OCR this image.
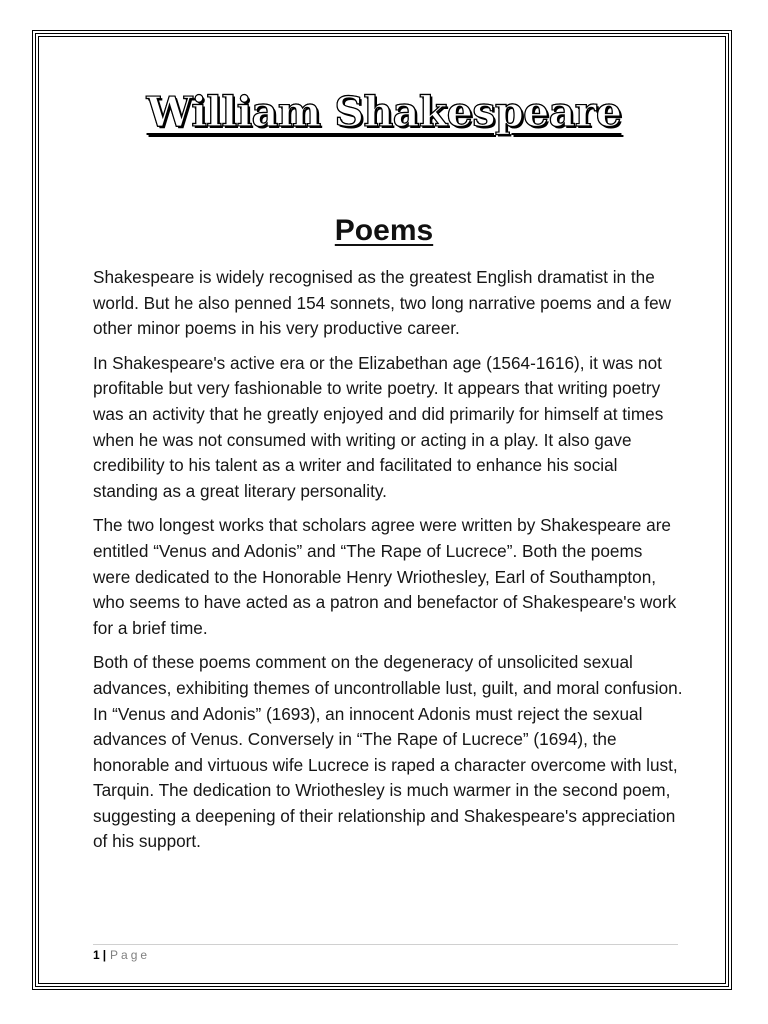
William Shakespeare
Poems

Shakespeare is widely recognised as the greatest English dramatist in the world. But he also penned 154 sonnets, two long narrative poems and a few other minor poems in his very productive career.

In Shakespeare's active era or the Elizabethan age (1564-1616), it was not profitable but very fashionable to write poetry. It appears that writing poetry was an activity that he greatly enjoyed and did primarily for himself at times when he was not consumed with writing or acting in a play. It also gave credibility to his talent as a writer and facilitated to enhance his social standing as a great literary personality.

The two longest works that scholars agree were written by Shakespeare are entitled “Venus and Adonis” and “The Rape of Lucrece”. Both the poems were dedicated to the Honorable Henry Wriothesley, Earl of Southampton, who seems to have acted as a patron and benefactor of Shakespeare's work for a brief time.

Both of these poems comment on the degeneracy of unsolicited sexual advances, exhibiting themes of uncontrollable lust, guilt, and moral confusion. In “Venus and Adonis” (1693), an innocent Adonis must reject the sexual advances of Venus. Conversely in “The Rape of Lucrece” (1694), the honorable and virtuous wife Lucrece is raped a character overcome with lust, Tarquin. The dedication to Wriothesley is much warmer in the second poem, suggesting a deepening of their relationship and Shakespeare's appreciation of his support.

1 | Page
